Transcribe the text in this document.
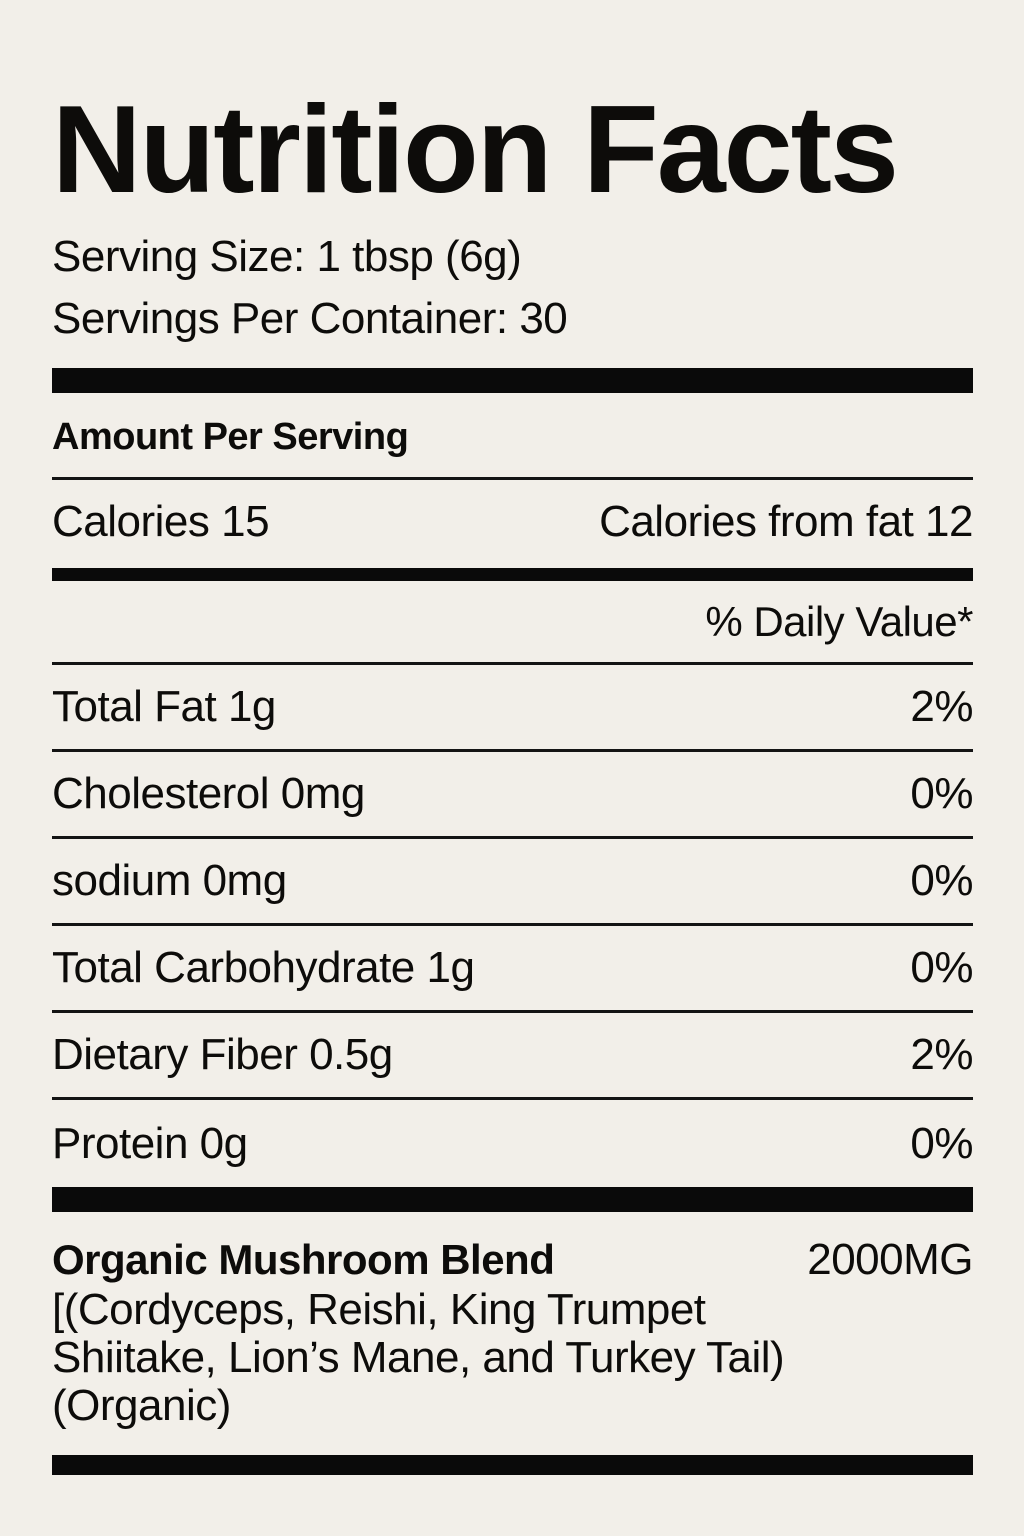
Nutrition Facts
Serving Size: 1 tbsp (6g)
Servings Per Container: 30
Amount Per Serving
Calories 15	Calories from fat 12
% Daily Value*
Total Fat 1g	2%
Cholesterol 0mg	0%
sodium 0mg	0%
Total Carbohydrate 1g	0%
Dietary Fiber 0.5g	2%
Protein 0g	0%
Organic Mushroom Blend	2000MG
[(Cordyceps, Reishi, King Trumpet
Shiitake, Lion’s Mane, and Turkey Tail)
(Organic)
